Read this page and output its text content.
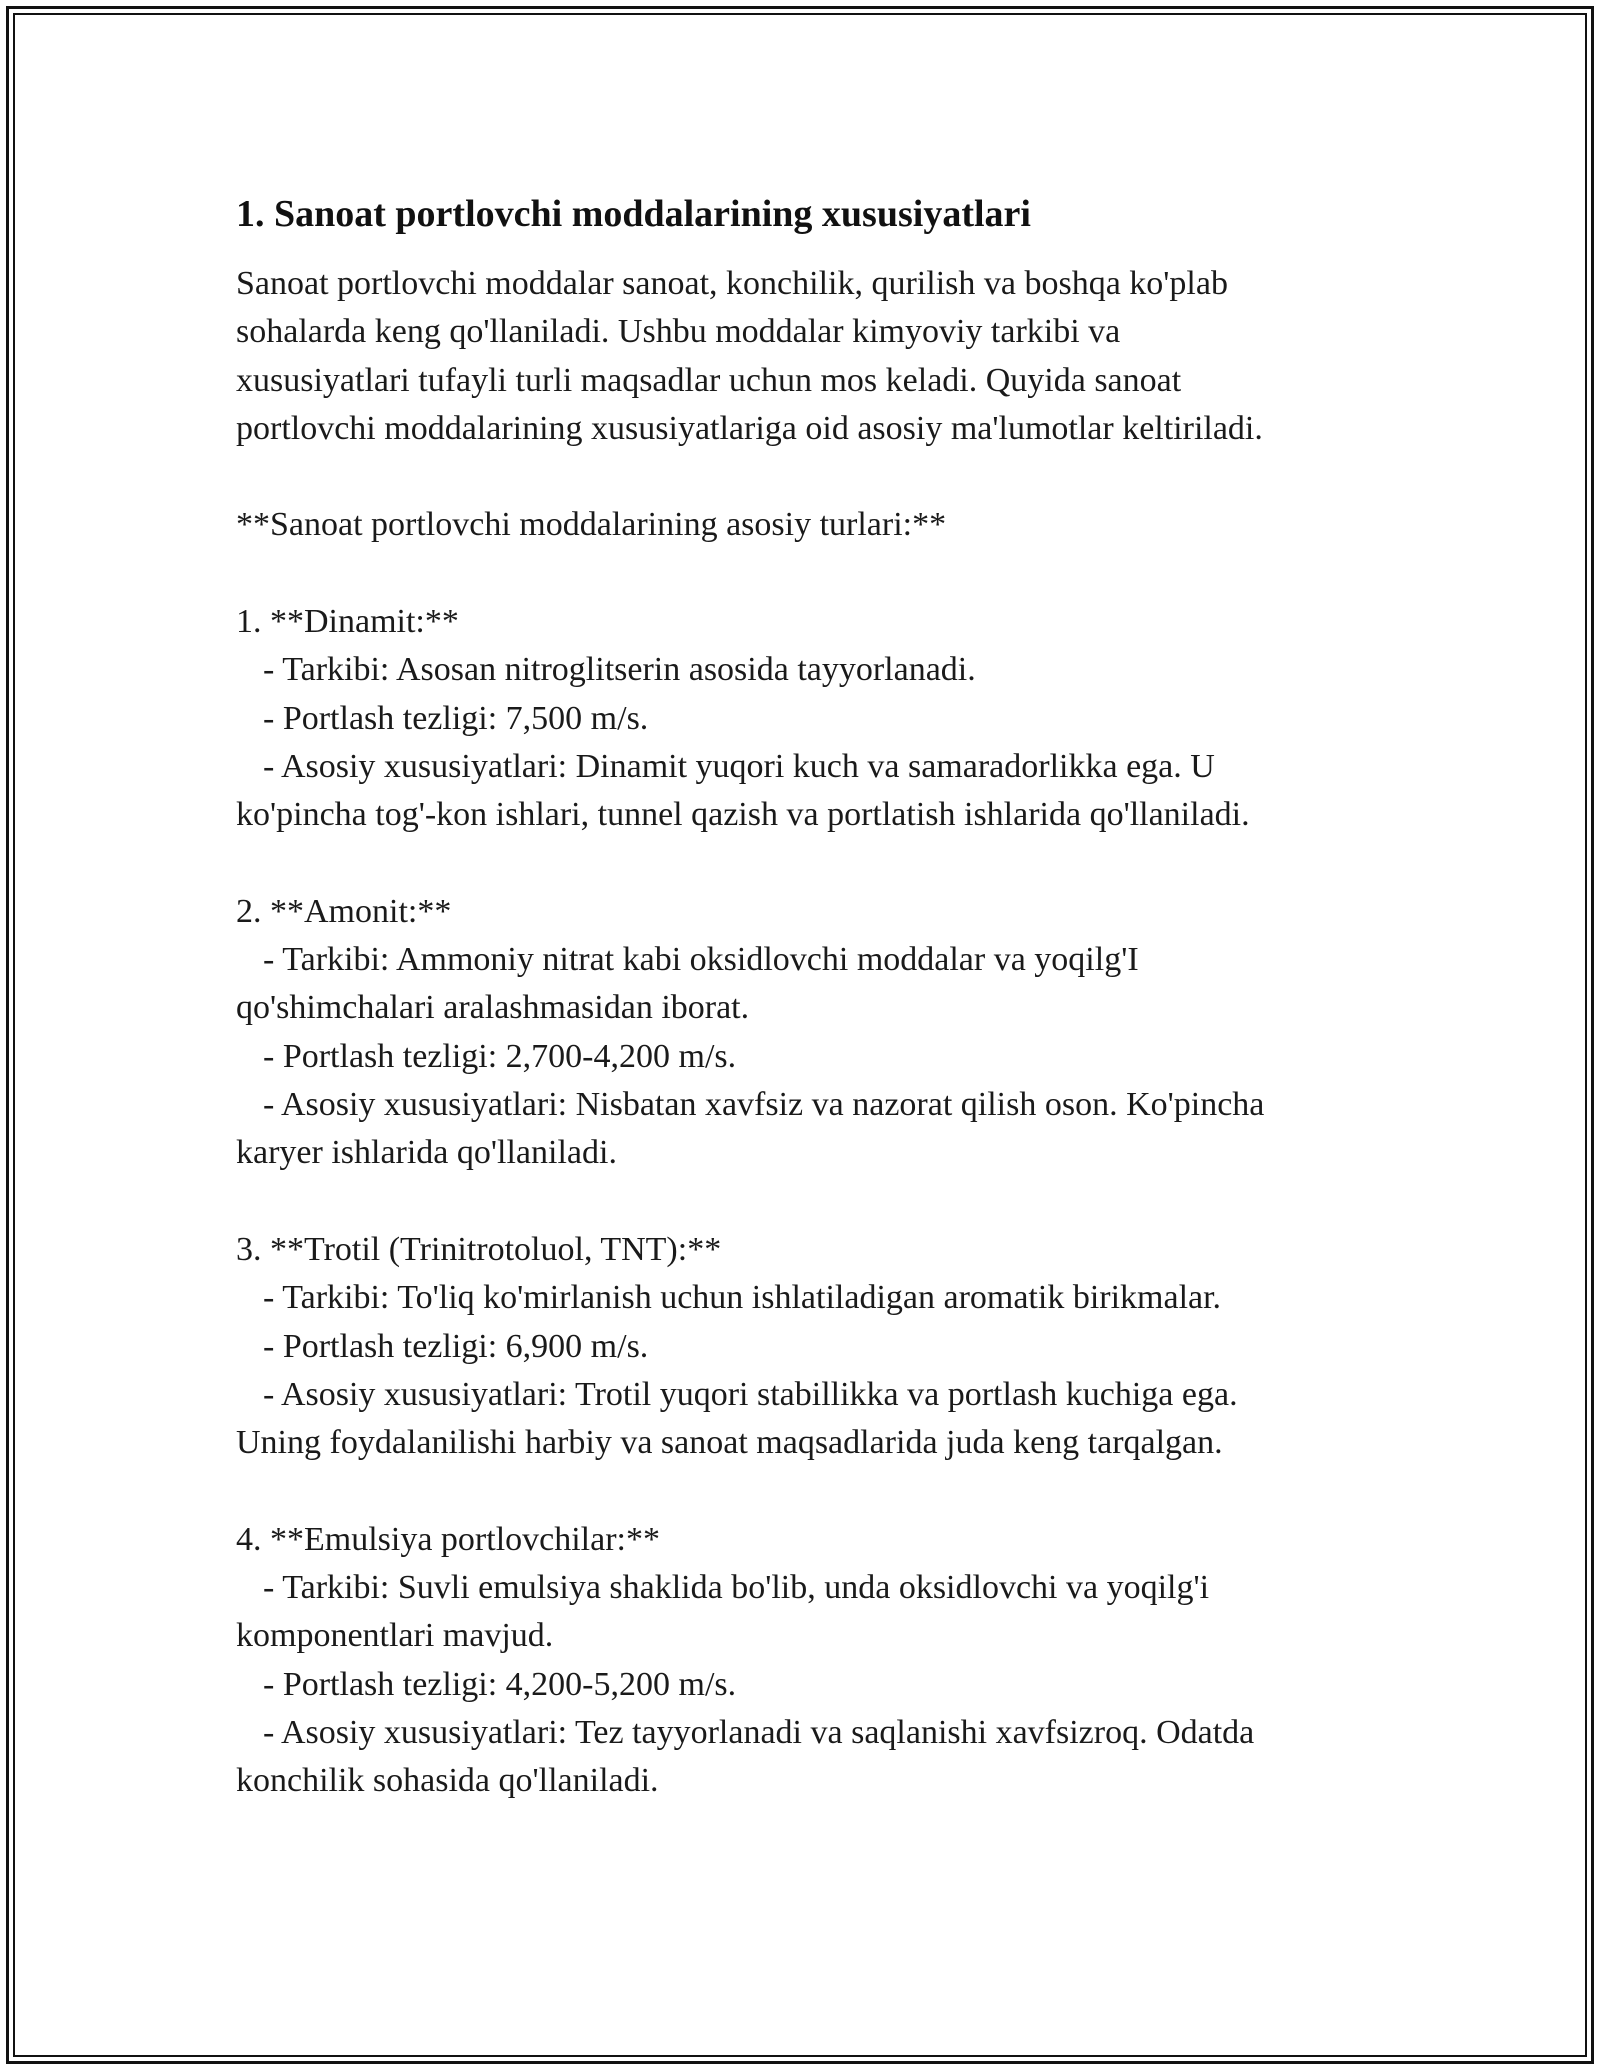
1. Sanoat portlovchi moddalarining xususiyatlari

Sanoat portlovchi moddalar sanoat, konchilik, qurilish va boshqa ko'plab

sohalarda keng qo'llaniladi. Ushbu moddalar kimyoviy tarkibi va

xususiyatlari tufayli turli maqsadlar uchun mos keladi. Quyida sanoat

portlovchi moddalarining xususiyatlariga oid asosiy ma'lumotlar keltiriladi.

**Sanoat portlovchi moddalarining asosiy turlari:**

1. **Dinamit:**

- Tarkibi: Asosan nitroglitserin asosida tayyorlanadi.

- Portlash tezligi: 7,500 m/s.

- Asosiy xususiyatlari: Dinamit yuqori kuch va samaradorlikka ega. U

ko'pincha tog'-kon ishlari, tunnel qazish va portlatish ishlarida qo'llaniladi.

2. **Amonit:**

- Tarkibi: Ammoniy nitrat kabi oksidlovchi moddalar va yoqilg'I

qo'shimchalari aralashmasidan iborat.

- Portlash tezligi: 2,700-4,200 m/s.

- Asosiy xususiyatlari: Nisbatan xavfsiz va nazorat qilish oson. Ko'pincha

karyer ishlarida qo'llaniladi.

3. **Trotil (Trinitrotoluol, TNT):**

- Tarkibi: To'liq ko'mirlanish uchun ishlatiladigan aromatik birikmalar.

- Portlash tezligi: 6,900 m/s.

- Asosiy xususiyatlari: Trotil yuqori stabillikka va portlash kuchiga ega.

Uning foydalanilishi harbiy va sanoat maqsadlarida juda keng tarqalgan.

4. **Emulsiya portlovchilar:**

- Tarkibi: Suvli emulsiya shaklida bo'lib, unda oksidlovchi va yoqilg'i

komponentlari mavjud.

- Portlash tezligi: 4,200-5,200 m/s.

- Asosiy xususiyatlari: Tez tayyorlanadi va saqlanishi xavfsizroq. Odatda

konchilik sohasida qo'llaniladi.
